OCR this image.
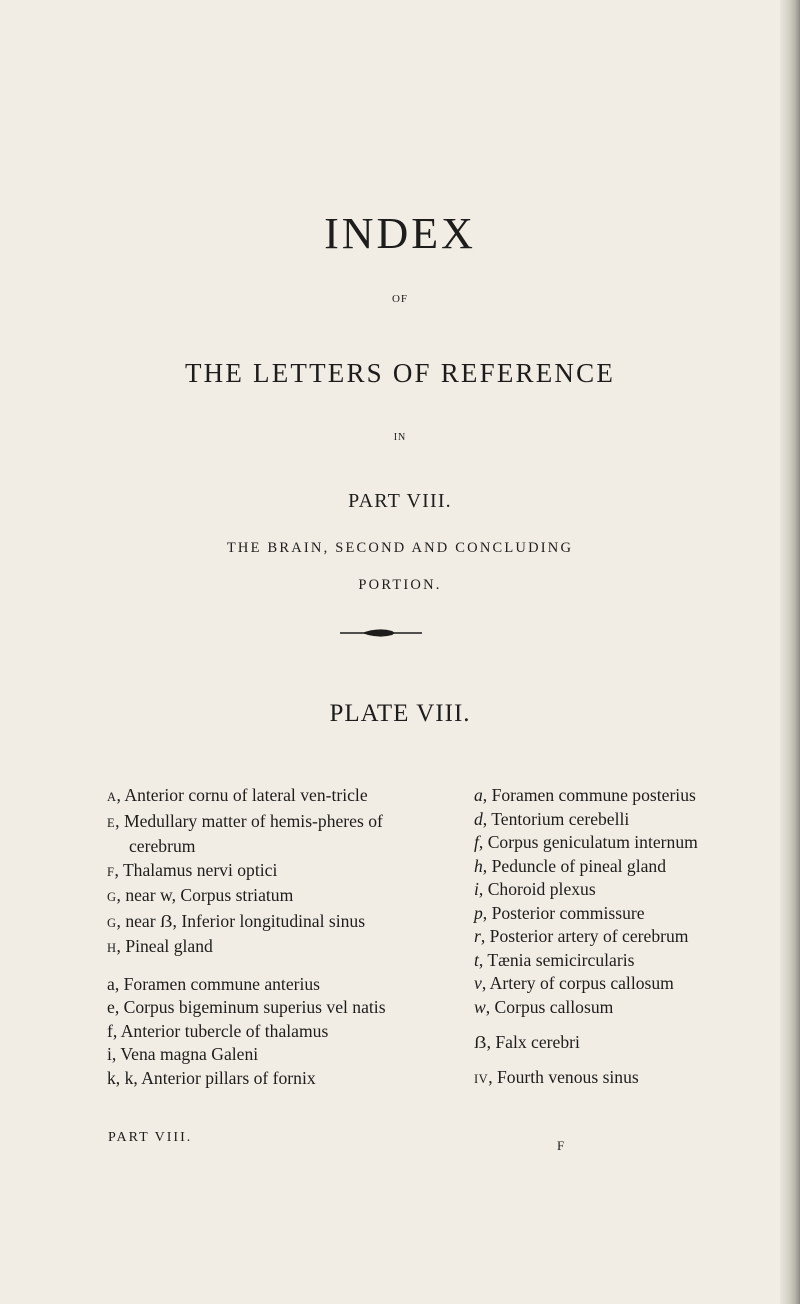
INDEX
OF
THE LETTERS OF REFERENCE
IN
PART VIII.
THE BRAIN, SECOND AND CONCLUDING
PORTION.
PLATE VIII.

A, Anterior cornu of lateral ven-tricle

E, Medullary matter of hemis-pheres of cerebrum

F, Thalamus nervi optici

G, near w, Corpus striatum

G, near ẞ, Inferior longitudinal sinus

H, Pineal gland

a, Foramen commune anterius

e, Corpus bigeminum superius vel natis

f, Anterior tubercle of thalamus

i, Vena magna Galeni

k, k, Anterior pillars of fornix

a, Foramen commune posterius

d, Tentorium cerebelli

f, Corpus geniculatum internum

h, Peduncle of pineal gland

i, Choroid plexus

p, Posterior commissure

r, Posterior artery of cerebrum

t, Tænia semicircularis

v, Artery of corpus callosum

w, Corpus callosum

ẞ, Falx cerebri

IV, Fourth venous sinus

PART VIII.
F
